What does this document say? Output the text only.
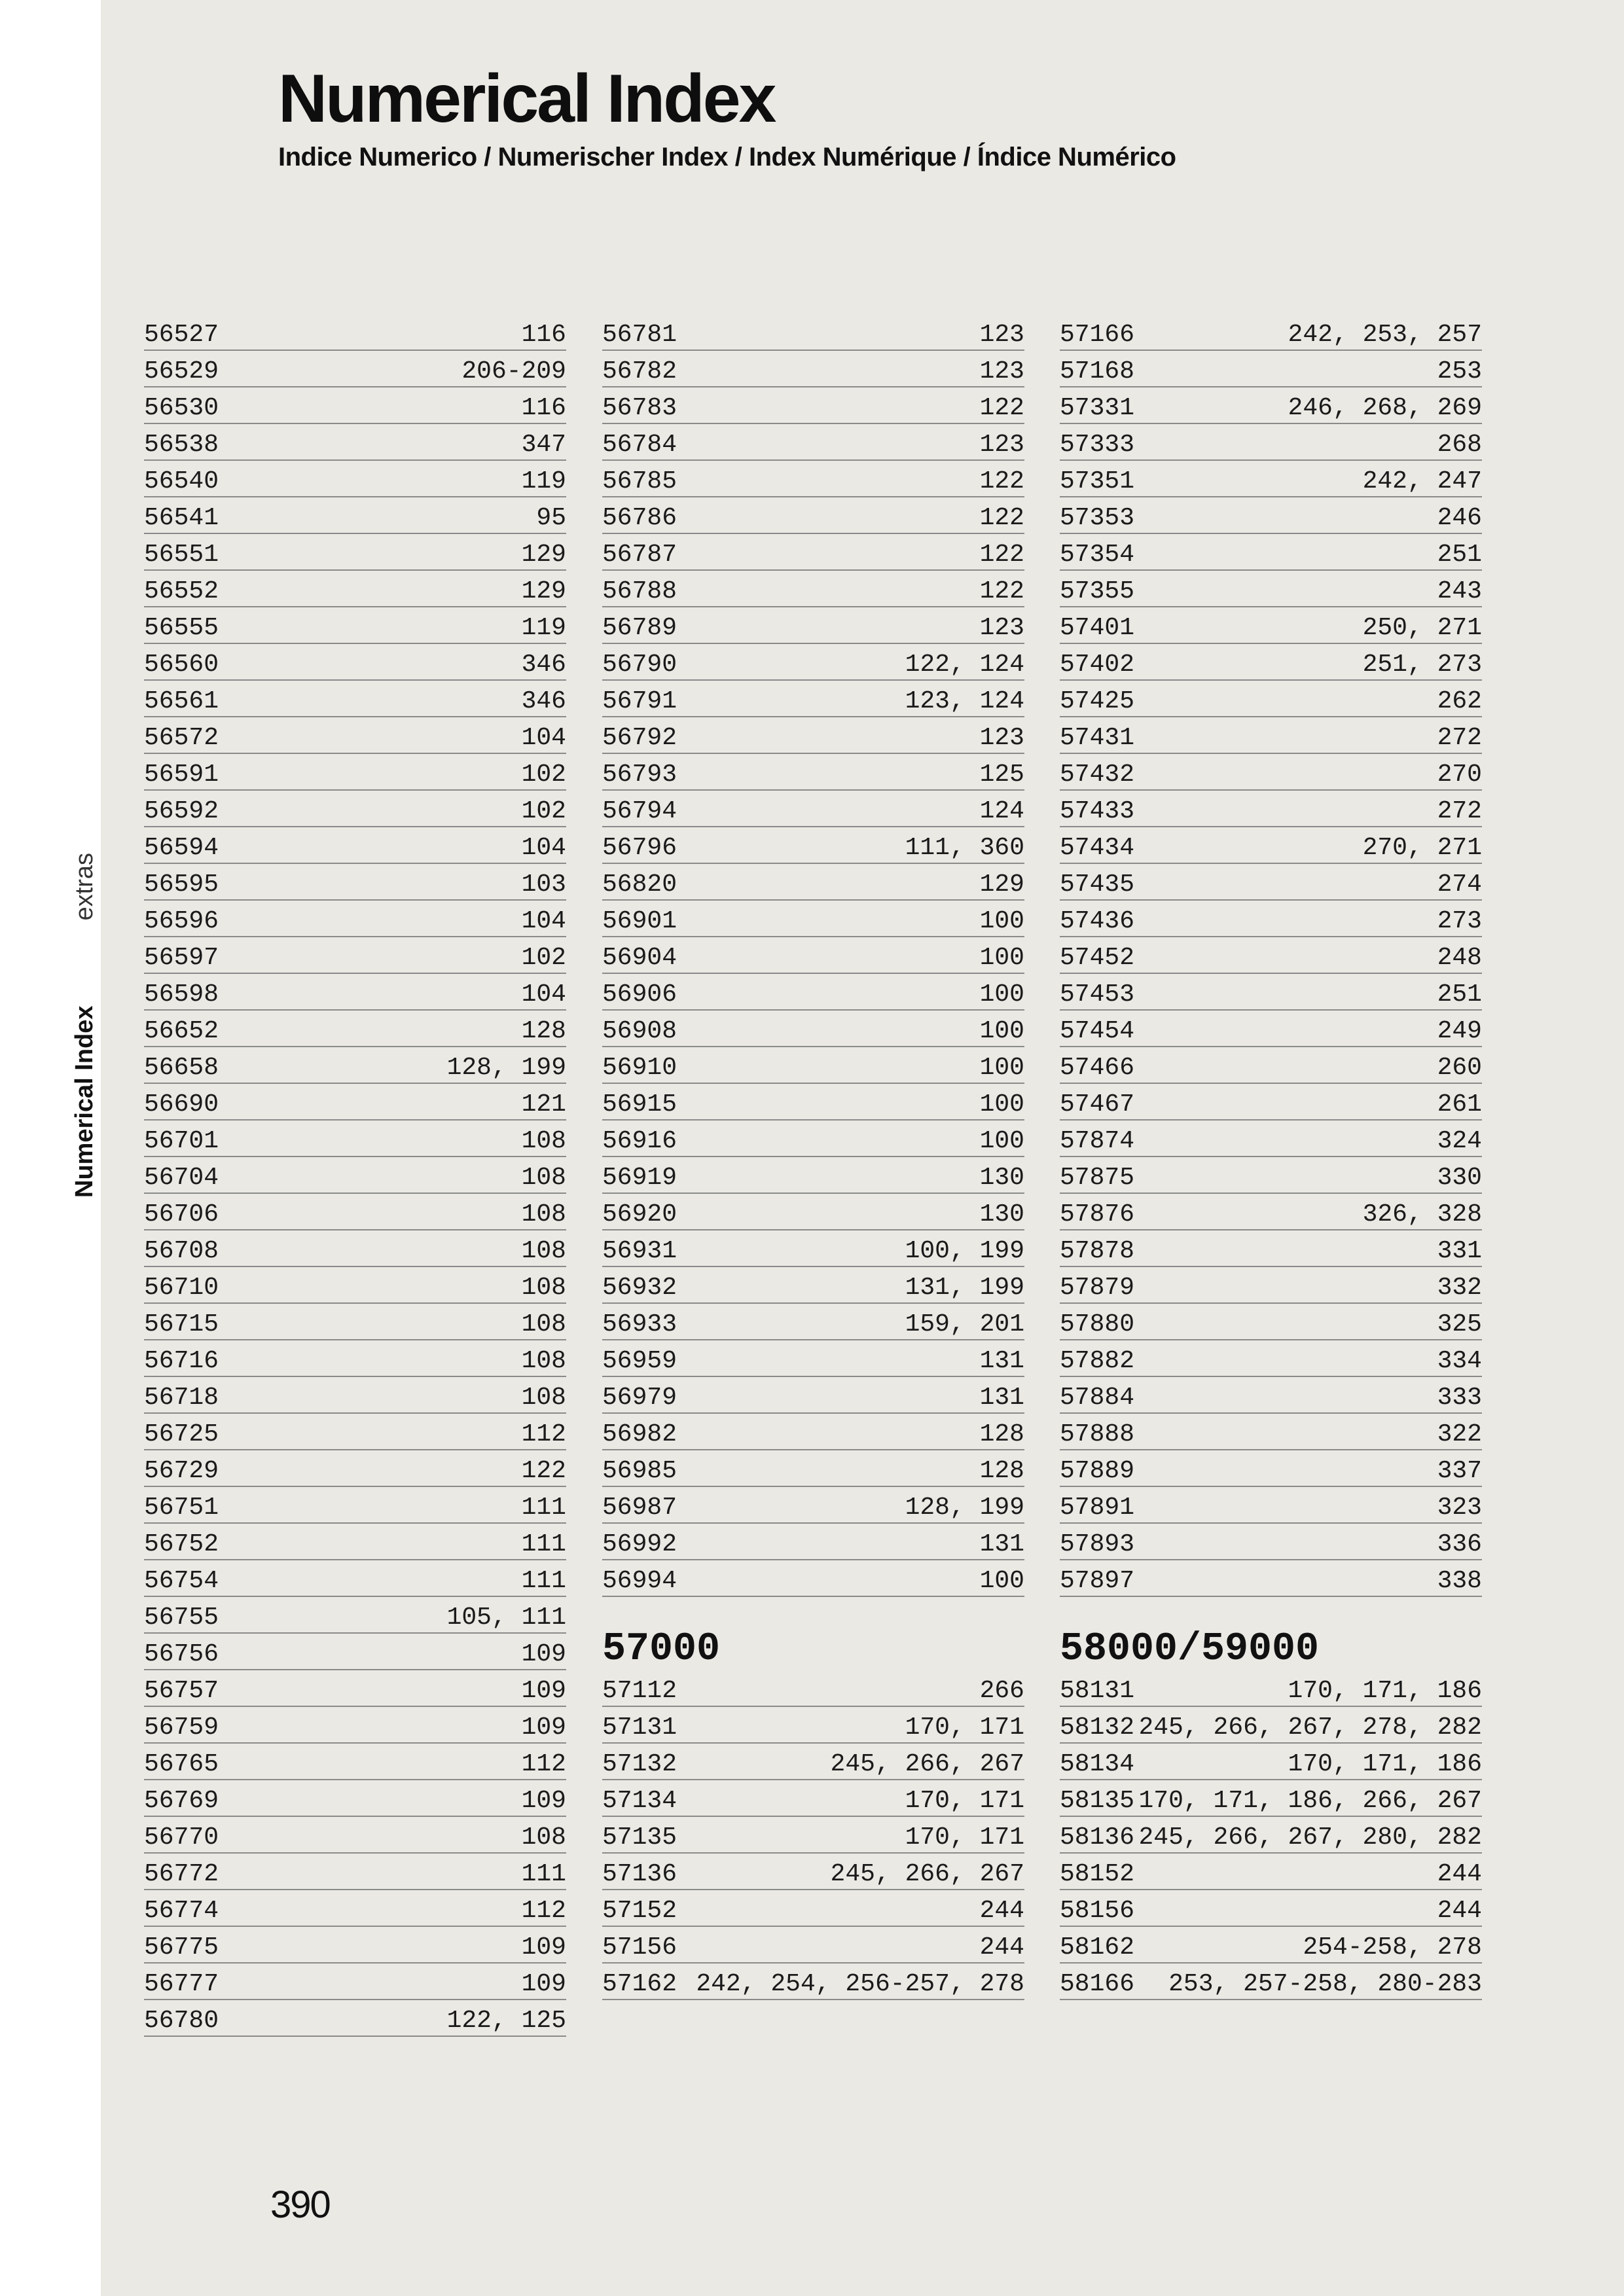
Numerical Indexextras
Numerical Index
Indice Numerico / Numerischer Index / Index Numérique / Índice Numérico
56527	116
56529	206-209
56530	116
56538	347
56540	119
56541	95
56551	129
56552	129
56555	119
56560	346
56561	346
56572	104
56591	102
56592	102
56594	104
56595	103
56596	104
56597	102
56598	104
56652	128
56658	128, 199
56690	121
56701	108
56704	108
56706	108
56708	108
56710	108
56715	108
56716	108
56718	108
56725	112
56729	122
56751	111
56752	111
56754	111
56755	105, 111
56756	109
56757	109
56759	109
56765	112
56769	109
56770	108
56772	111
56774	112
56775	109
56777	109
56780	122, 125
56781	123
56782	123
56783	122
56784	123
56785	122
56786	122
56787	122
56788	122
56789	123
56790	122, 124
56791	123, 124
56792	123
56793	125
56794	124
56796	111, 360
56820	129
56901	100
56904	100
56906	100
56908	100
56910	100
56915	100
56916	100
56919	130
56920	130
56931	100, 199
56932	131, 199
56933	159, 201
56959	131
56979	131
56982	128
56985	128
56987	128, 199
56992	131
56994	100
57000
57112	266
57131	170, 171
57132	245, 266, 267
57134	170, 171
57135	170, 171
57136	245, 266, 267
57152	244
57156	244
57162 242, 254, 256-257, 278
57166	242, 253, 257
57168	253
57331	246, 268, 269
57333	268
57351	242, 247
57353	246
57354	251
57355	243
57401	250, 271
57402	251, 273
57425	262
57431	272
57432	270
57433	272
57434	270, 271
57435	274
57436	273
57452	248
57453	251
57454	249
57466	260
57467	261
57874	324
57875	330
57876	326, 328
57878	331
57879	332
57880	325
57882	334
57884	333
57888	322
57889	337
57891	323
57893	336
57897	338
58000/59000
58131	170, 171, 186
58132 245, 266, 267, 278, 282
58134	170, 171, 186
58135 170, 171, 186, 266, 267
58136 245, 266, 267, 280, 282
58152	244
58156	244
58162	254-258, 278
58166 253, 257-258, 280-283
390
